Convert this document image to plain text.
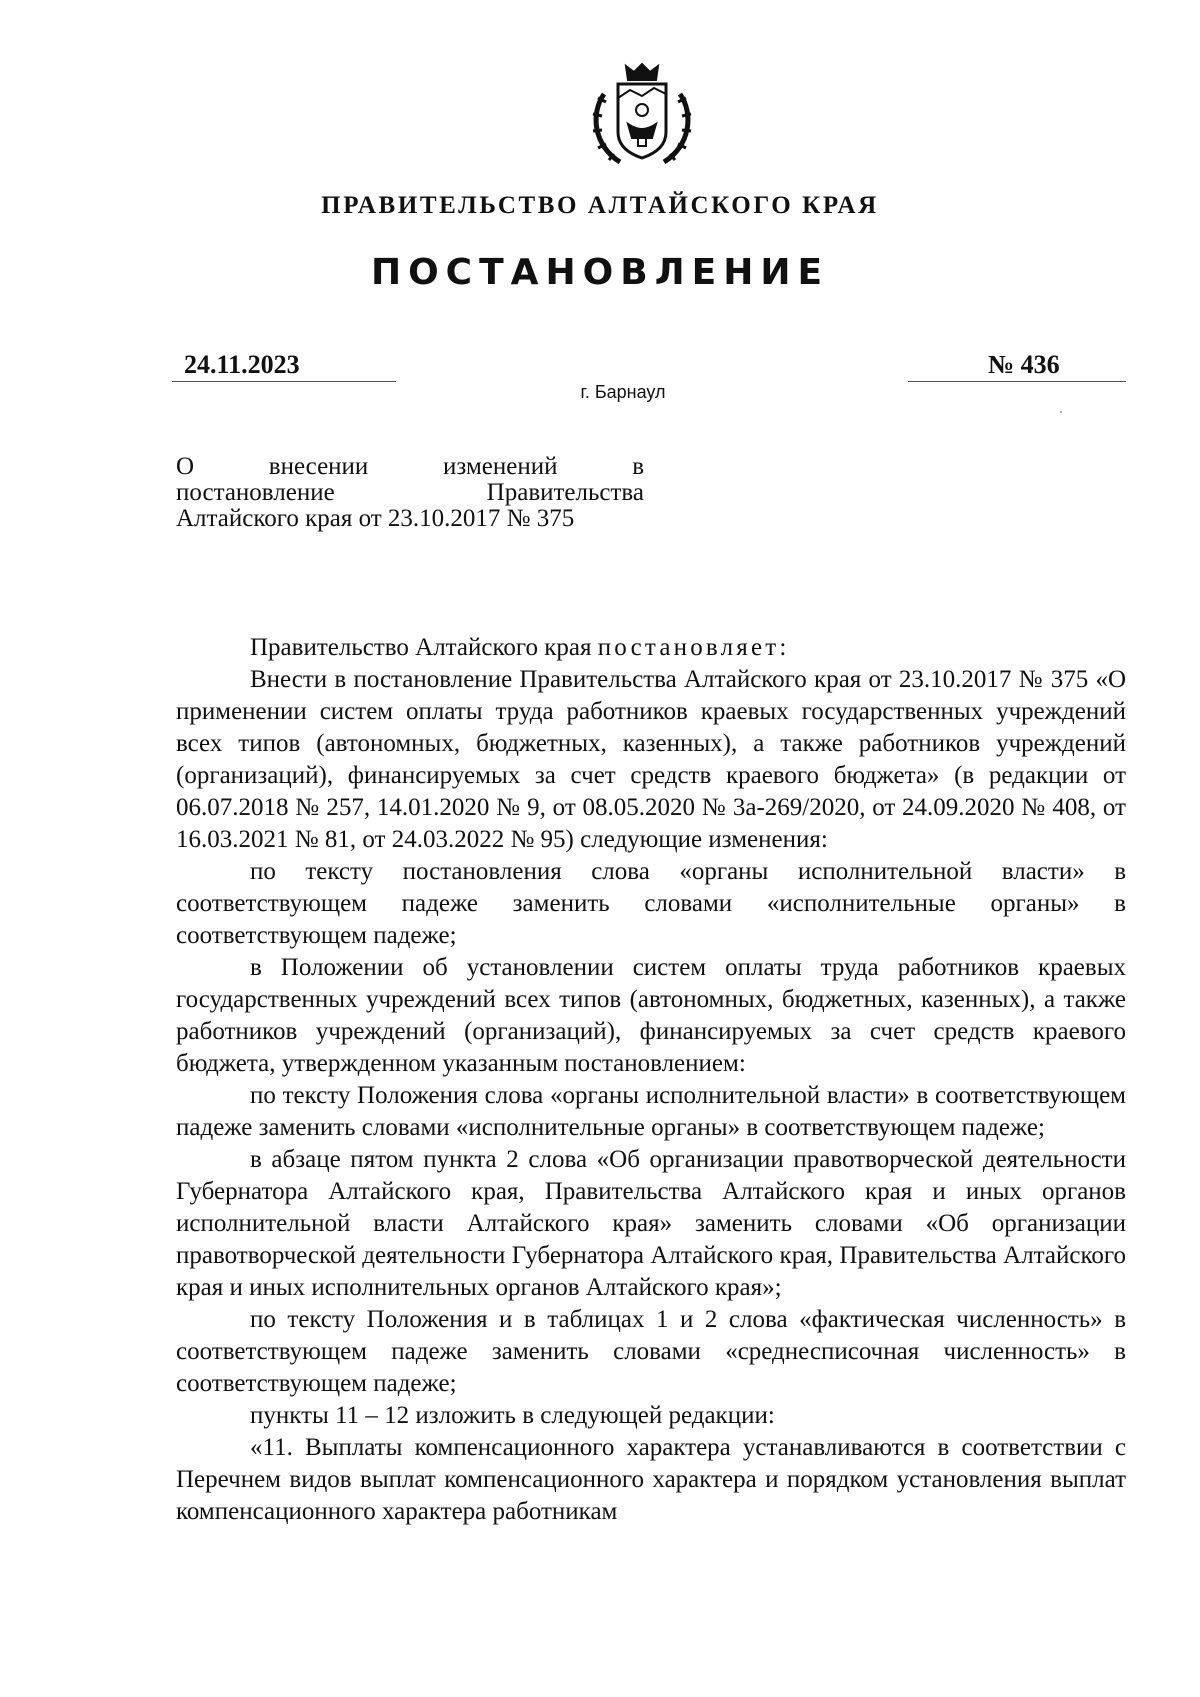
ПРАВИТЕЛЬСТВО АЛТАЙСКОГО КРАЯ
ПОСТАНОВЛЕНИЕ
24.11.2023	№ 436
г. Барнаул
О внесении изменений в
постановление Правительства
Алтайского края от 23.10.2017 № 375

Правительство Алтайского края постановляет:

Внести в постановление Правительства Алтайского края от 23.10.2017 № 375 «О применении систем оплаты труда работников краевых государственных учреждений всех типов (автономных, бюджетных, казенных), а также работников учреждений (организаций), финансируемых за счет средств краевого бюджета» (в редакции от 06.07.2018 № 257, 14.01.2020 № 9, от 08.05.2020 № 3а-269/2020, от 24.09.2020 № 408, от 16.03.2021 № 81, от 24.03.2022 № 95) следующие изменения:

по тексту постановления слова «органы исполнительной власти» в соответствующем падеже заменить словами «исполнительные органы» в соответствующем падеже;

в Положении об установлении систем оплаты труда работников краевых государственных учреждений всех типов (автономных, бюджетных, казенных), а также работников учреждений (организаций), финансируемых за счет средств краевого бюджета, утвержденном указанным постановлением:

по тексту Положения слова «органы исполнительной власти» в соответствующем падеже заменить словами «исполнительные органы» в соответствующем падеже;

в абзаце пятом пункта 2 слова «Об организации правотворческой деятельности Губернатора Алтайского края, Правительства Алтайского края и иных органов исполнительной власти Алтайского края» заменить словами «Об организации правотворческой деятельности Губернатора Алтайского края, Правительства Алтайского края и иных исполнительных органов Алтайского края»;

по тексту Положения и в таблицах 1 и 2 слова «фактическая численность» в соответствующем падеже заменить словами «среднесписочная численность» в соответствующем падеже;

пункты 11 – 12 изложить в следующей редакции:

«11. Выплаты компенсационного характера устанавливаются в соответствии с Перечнем видов выплат компенсационного характера и порядком установления выплат компенсационного характера работникам
